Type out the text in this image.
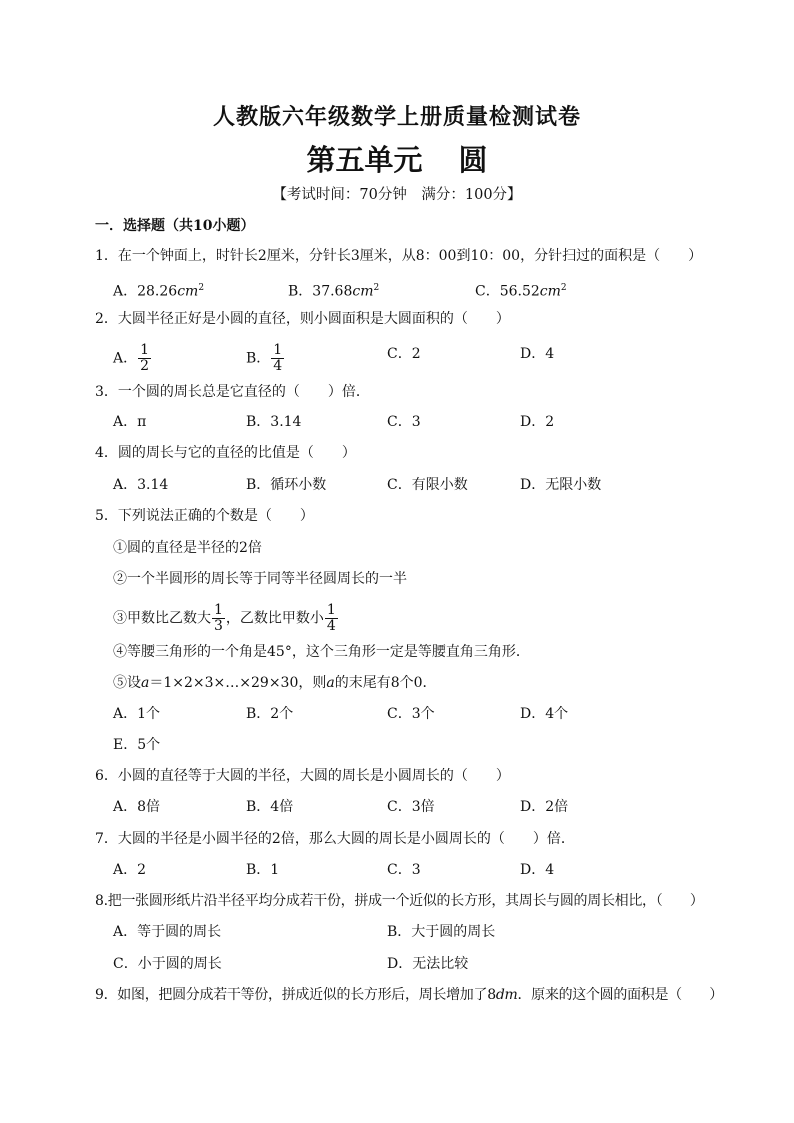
人教版六年级数学上册质量检测试卷
第五单元 圆
【考试时间：70分钟　满分：100分】
一．选择题（共10小题）
1．在一个钟面上，时针长2厘米，分针长3厘米，从8：00到10：00，分针扫过的面积是（　　）
A．$28.26cm^2$	B．$37.68cm^2$	C．$56.52cm^2$
2．大圆半径正好是小圆的直径，则小圆面积是大圆面积的（　　）
A． $\frac{1}{2}$	B． $\frac{1}{4}$	C．2	D．4
3．一个圆的周长总是它直径的（　　）倍．
A．π	B．3.14	C．3	D．2
4．圆的周长与它的直径的比值是（　　）
A．3.14	B．循环小数	C．有限小数	D．无限小数
5．下列说法正确的个数是（　　）
①圆的直径是半径的2倍
②一个半圆形的周长等于同等半径圆周长的一半
③甲数比乙数大 $\frac{1}{3}$ ，乙数比甲数小 $\frac{1}{4}$
④等腰三角形的一个角是45°，这个三角形一定是等腰直角三角形．
⑤设a＝1×2×3×…×29×30，则a的末尾有8个0．
A．1个	B．2个	C．3个	D．4个
E．5个
6．小圆的直径等于大圆的半径，大圆的周长是小圆周长的（　　）
A．8倍	B．4倍	C．3倍	D．2倍
7．大圆的半径是小圆半径的2倍，那么大圆的周长是小圆周长的（　　）倍．
A．2	B．1	C．3	D．4
8.把一张圆形纸片沿半径平均分成若干份，拼成一个近似的长方形，其周长与圆的周长相比，（　　）
A．等于圆的周长	B．大于圆的周长
C．小于圆的周长	D．无法比较
9．如图，把圆分成若干等份，拼成近似的长方形后，周长增加了8dm．原来的这个圆的面积是（　　）
